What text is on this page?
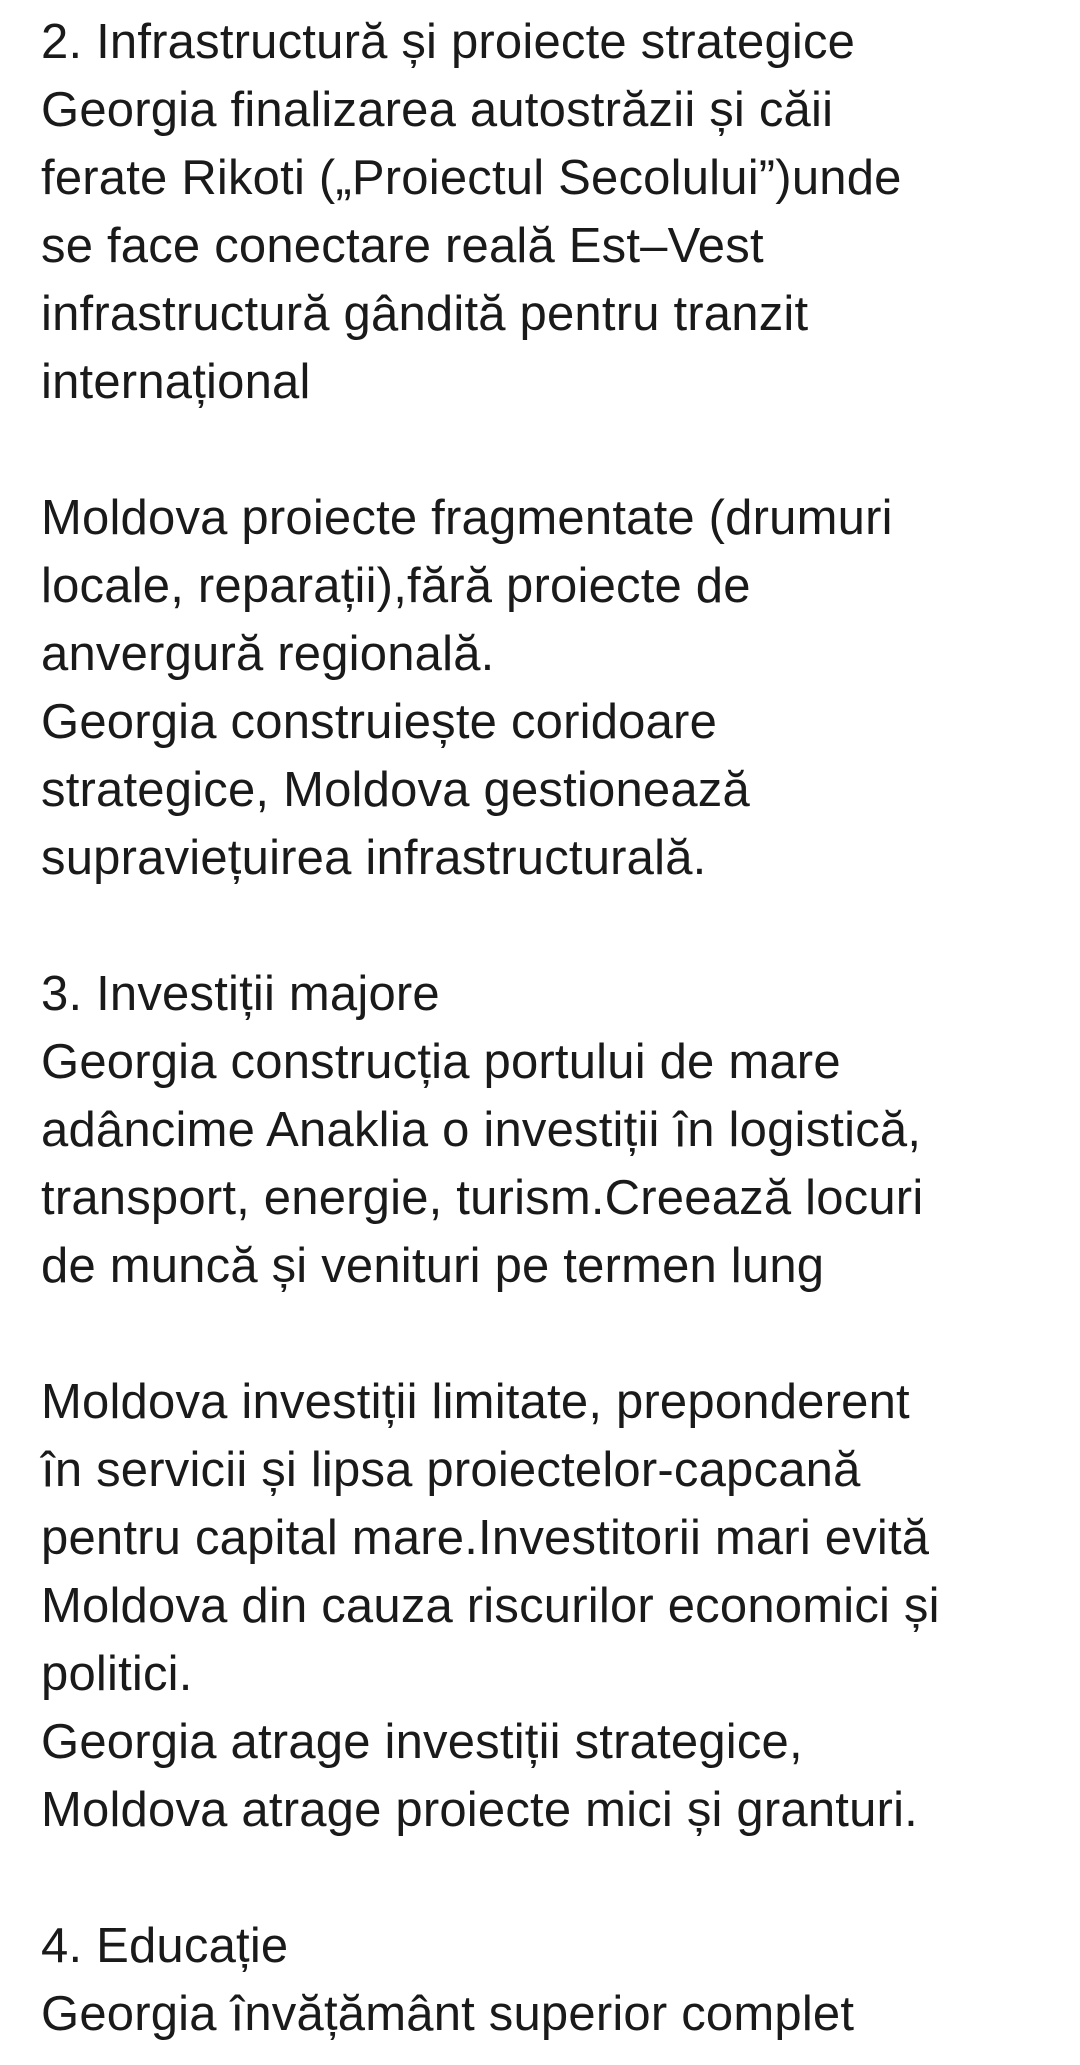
2. Infrastructură și proiecte strategice
Georgia finalizarea autostrăzii și căii
ferate Rikoti („Proiectul Secolului”)unde
se face conectare reală Est–Vest
infrastructură gândită pentru tranzit
internațional
Moldova proiecte fragmentate (drumuri
locale, reparații),fără proiecte de
anvergură regională.
Georgia construiește coridoare
strategice, Moldova gestionează
supraviețuirea infrastructurală.
3. Investiții majore
Georgia construcția portului de mare
adâncime Anaklia o investiții în logistică,
transport, energie, turism.Creează locuri
de muncă și venituri pe termen lung
Moldova investiții limitate, preponderent
în servicii și lipsa proiectelor-capcană
pentru capital mare.Investitorii mari evită
Moldova din cauza riscurilor economici și
politici.
Georgia atrage investiții strategice,
Moldova atrage proiecte mici și granturi.
4. Educație
Georgia învățământ superior complet
